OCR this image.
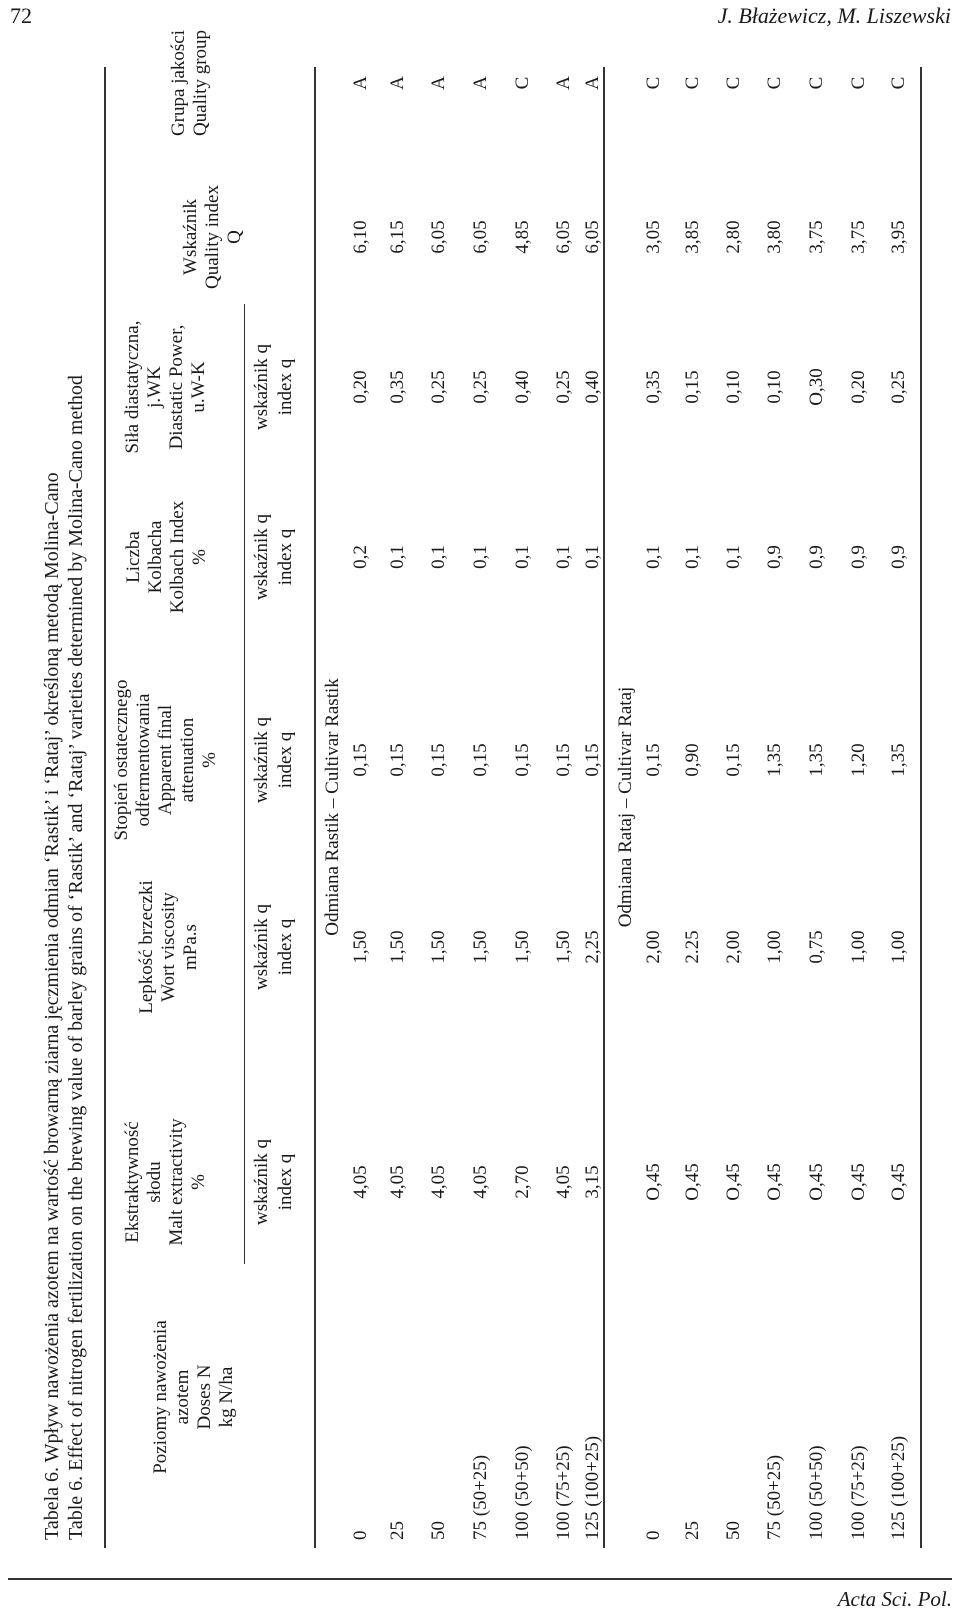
72	J. Błażewicz, M. Liszewski
Tabela 6. Wpływ nawożenia azotem na wartość browarną ziarna jęczmienia odmian ‘Rastik’ i ‘Rataj’ określoną metodą Molina-Cano Table 6. Effect of nitrogen fertilization on the brewing value of barley grains of ‘Rastik’ and ‘Rataj’ varieties determined by Molina-Cano method	Poziomy nawożenia azotem Doses N kg N/ha
Ekstraktywność słodu Malt extractivity %
Lepkość brzeczki Wort viscosity mPa.s
Stopień ostatecznego odfermentowania Apparent final attenuation %
Liczba Kolbacha Kolbach Index %
Siła diastatyczna, j.WK Diastatic Power, u.W-K
Wskaźnik Quality index Q
Grupa jakości Quality group
wskaźnik q index q
wskaźnik q index q
wskaźnik q index q
wskaźnik q index q
wskaźnik q index q
Odmiana Rastik – Cultivar Rastik
0
4,05
1,50
0,15
0,2
0,20
6,10
A
25
4,05
1,50
0,15
0,1
0,35
6,15
A
50
4,05
1,50
0,15
0,1
0,25
6,05
A
75 (50+25)
4,05
1,50
0,15
0,1
0,25
6,05
A
100 (50+50)
2,70
1,50
0,15
0,1
0,40
4,85
C
100 (75+25)
4,05
1,50
0,15
0,1
0,25
6,05
A
125 (100+25)
3,15
2,25
0,15
0,1
0,40
6,05
A
Odmiana Rataj – Cultivar Rataj
0
O,45
2,00
0,15
0,1
0,35
3,05
C
25
O,45
2.25
0,90
0,1
0,15
3,85
C
50
O,45
2,00
0,15
0,1
0,10
2,80
C
75 (50+25)
O,45
1,00
1,35
0,9
0,10
3,80
C
100 (50+50)
O,45
0,75
1,35
0,9
O,30
3,75
C
100 (75+25)
O,45
1,00
1,20
0,9
0,20
3,75
C
125 (100+25)
O,45
1,00
1,35
0,9
0,25
3,95
C
Acta Sci. Pol.
